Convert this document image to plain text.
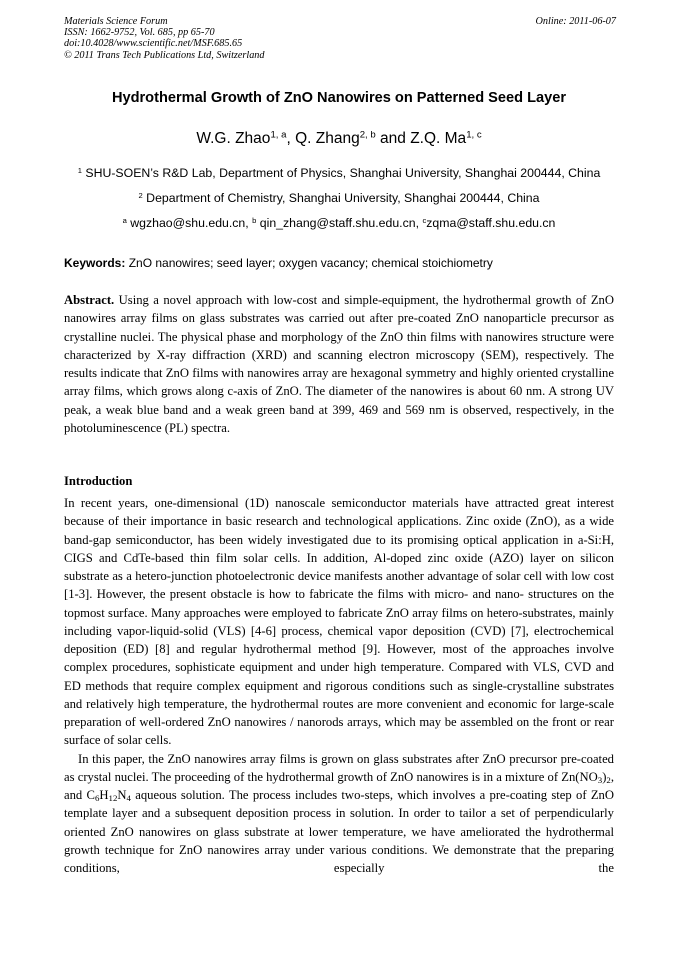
Materials Science Forum
ISSN: 1662-9752, Vol. 685, pp 65-70
doi:10.4028/www.scientific.net/MSF.685.65
© 2011 Trans Tech Publications Ltd, Switzerland
Online: 2011-06-07
Hydrothermal Growth of ZnO Nanowires on Patterned Seed Layer
W.G. Zhao$^{1, a}$, Q. Zhang$^{2, b}$ and Z.Q. Ma$^{1, c}$
$^1$ SHU-SOEN’s R&D Lab, Department of Physics, Shanghai University, Shanghai 200444, China
$^2$ Department of Chemistry, Shanghai University, Shanghai 200444, China
$^a$ wgzhao@shu.edu.cn, $^b$ qin_zhang@staff.shu.edu.cn, $^c$zqma@staff.shu.edu.cn
Keywords: ZnO nanowires; seed layer; oxygen vacancy; chemical stoichiometry
Abstract. Using a novel approach with low-cost and simple-equipment, the hydrothermal growth of ZnO nanowires array films on glass substrates was carried out after pre-coated ZnO nanoparticle precursor as crystalline nuclei. The physical phase and morphology of the ZnO thin films with nanowires structure were characterized by X-ray diffraction (XRD) and scanning electron microscopy (SEM), respectively. The results indicate that ZnO films with nanowires array are hexagonal symmetry and highly oriented crystalline array films, which grows along c-axis of ZnO. The diameter of the nanowires is about 60 nm. A strong UV peak, a weak blue band and a weak green band at 399, 469 and 569 nm is observed, respectively, in the photoluminescence (PL) spectra.
Introduction

In recent years, one-dimensional (1D) nanoscale semiconductor materials have attracted great interest because of their importance in basic research and technological applications. Zinc oxide (ZnO), as a wide band-gap semiconductor, has been widely investigated due to its promising optical application in a-Si:H, CIGS and CdTe-based thin film solar cells. In addition, Al-doped zinc oxide (AZO) layer on silicon substrate as a hetero-junction photoelectronic device manifests another advantage of solar cell with low cost [1-3]. However, the present obstacle is how to fabricate the films with micro- and nano- structures on the topmost surface. Many approaches were employed to fabricate ZnO array films on hetero-substrates, mainly including vapor-liquid-solid (VLS) [4-6] process, chemical vapor deposition (CVD) [7], electrochemical deposition (ED) [8] and regular hydrothermal method [9]. However, most of the approaches involve complex procedures, sophisticate equipment and under high temperature. Compared with VLS, CVD and ED methods that require complex equipment and rigorous conditions such as single-crystalline substrates and relatively high temperature, the hydrothermal routes are more convenient and economic for large-scale preparation of well-ordered ZnO nanowires / nanorods arrays, which may be assembled on the front or rear surface of solar cells.

In this paper, the ZnO nanowires array films is grown on glass substrates after ZnO precursor pre-coated as crystal nuclei. The proceeding of the hydrothermal growth of ZnO nanowires is in a mixture of $Zn(NO_3)_2$, and $C_6H_{12}N_4$ aqueous solution. The process includes two-steps, which involves a pre-coating step of ZnO template layer and a subsequent deposition process in solution. In order to tailor a set of perpendicularly oriented ZnO nanowires on glass substrate at lower temperature, we have ameliorated the hydrothermal growth technique for ZnO nanowires array under various conditions. We demonstrate that the preparing conditions, especially the
